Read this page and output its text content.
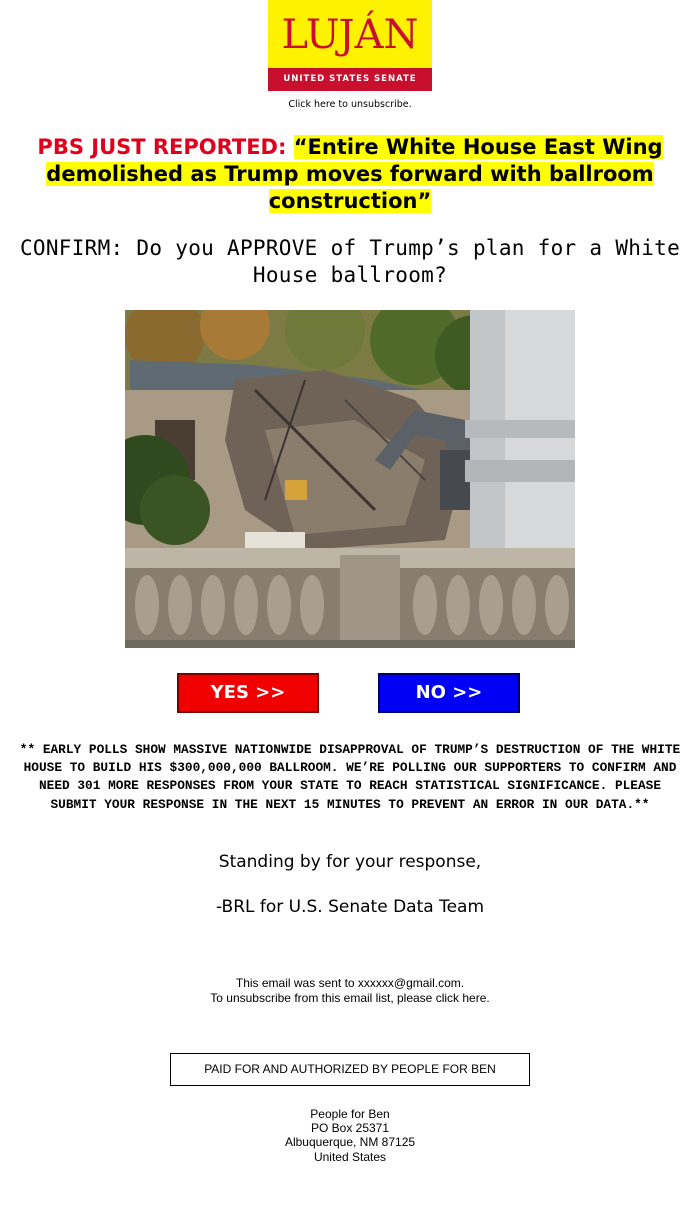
LUJÁN
UNITED STATES SENATE
Click here to unsubscribe.

PBS JUST REPORTED: “Entire White House East Wing demolished as Trump moves forward with ballroom construction”

CONFIRM: Do you APPROVE of Trump’s plan for a White House ballroom?

YES >>	NO >>

** EARLY POLLS SHOW MASSIVE NATIONWIDE DISAPPROVAL OF TRUMP’S DESTRUCTION OF THE WHITE HOUSE TO BUILD HIS $300,000,000 BALLROOM. WE’RE POLLING OUR SUPPORTERS TO CONFIRM AND NEED 301 MORE RESPONSES FROM YOUR STATE TO REACH STATISTICAL SIGNIFICANCE. PLEASE SUBMIT YOUR RESPONSE IN THE NEXT 15 MINUTES TO PREVENT AN ERROR IN OUR DATA.**

Standing by for your response,

-BRL for U.S. Senate Data Team

This email was sent to xxxxxx@gmail.com.
To unsubscribe from this email list, please click here.

PAID FOR AND AUTHORIZED BY PEOPLE FOR BEN

People for Ben
PO Box 25371
Albuquerque, NM 87125
United States
